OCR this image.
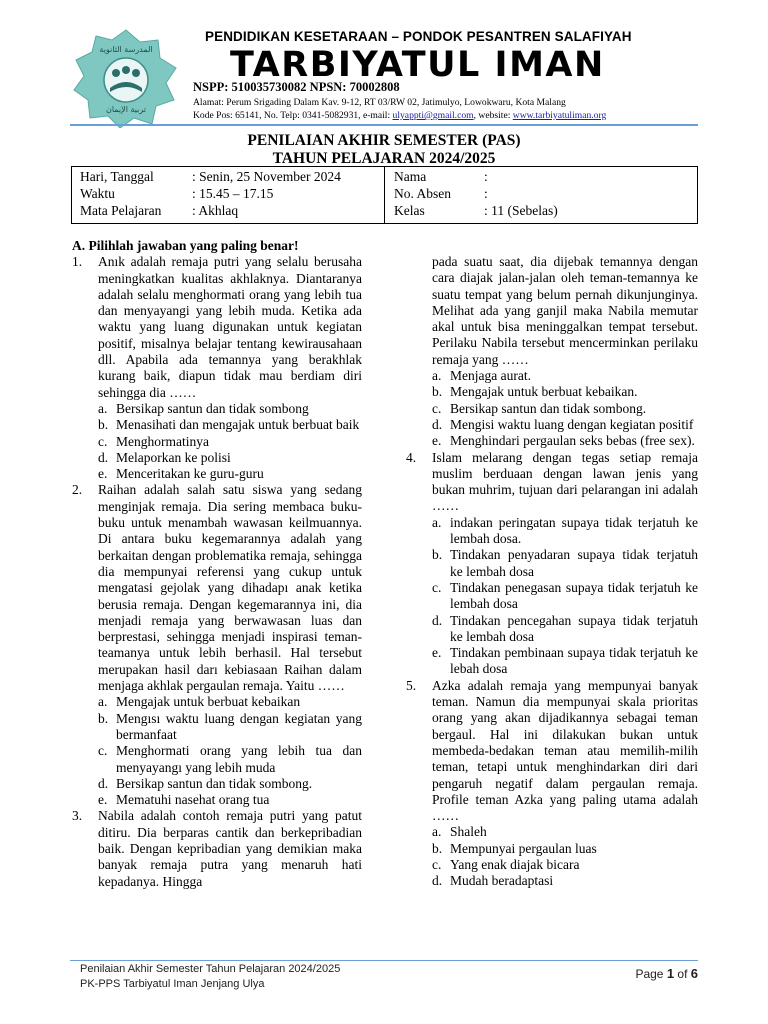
المدرسة الثانوية
تربية الإيمان
PENDIDIKAN KESETARAAN – PONDOK PESANTREN SALAFIYAH
TARBIYATUL IMAN
NSPP: 510035730082 NPSN: 70002808
Alamat: Perum Srigading Dalam Kav. 9-12, RT 03/RW 02, Jatimulyo, Lowokwaru, Kota Malang
Kode Pos: 65141, No. Telp: 0341-5082931, e-mail: ulyappti@gmail.com, website: www.tarbiyatuliman.org
PENILAIAN AKHIR SEMESTER (PAS)
TAHUN PELAJARAN 2024/2025
Hari, Tanggal	: Senin, 25 November 2024
Waktu	: 15.45 – 17.15
Mata Pelajaran : Akhlaq
Nama	:
No. Absen :
Kelas	: 11 (Sebelas)
A. Pilihlah jawaban yang paling benar!
1. Anık adalah remaja putri yang selalu berusaha meningkatkan kualitas akhlaknya. Diantaranya adalah selalu menghormati orang yang lebih tua dan menyayangi yang lebih muda. Ketika ada waktu yang luang digunakan untuk kegiatan positif, misalnya belajar tentang kewirausahaan dll. Apabila ada temannya yang berakhlak kurang baik, diapun tidak mau berdiam diri sehingga dia ……
a. Bersikap santun dan tidak sombong
b. Menasihati dan mengajak untuk berbuat baik
c. Menghormatinya
d. Melaporkan ke polisi
e. Menceritakan ke guru-guru
2. Raihan adalah salah satu siswa yang sedang menginjak remaja. Dia sering membaca buku-buku untuk menambah wawasan keilmuannya. Di antara buku kegemarannya adalah yang berkaitan dengan problematika remaja, sehingga dia mempunyai referensi yang cukup untuk mengatasi gejolak yang dihadapı anak ketika berusia remaja. Dengan kegemarannya ini, dia menjadi remaja yang berwawasan luas dan berprestasi, sehingga menjadi inspirasi teman-teamanya untuk lebih berhasil. Hal tersebut merupakan hasil darı kebiasaan Raihan dalam menjaga akhlak pergaulan remaja. Yaitu ……
a. Mengajak untuk berbuat kebaikan
b. Mengısı waktu luang dengan kegiatan yang bermanfaat
c. Menghormati orang yang lebih tua dan menyayangı yang lebih muda
d. Bersikap santun dan tidak sombong.
e. Mematuhi nasehat orang tua
3. Nabila adalah contoh remaja putri yang patut ditiru. Dia berparas cantik dan berkepribadian baik. Dengan kepribadian yang demikian maka banyak remaja putra yang menaruh hati kepadanya. Hingga
pada suatu saat, dia dijebak temannya dengan cara diajak jalan-jalan oleh teman-temannya ke suatu tempat yang belum pernah dikunjunginya. Melihat ada yang ganjil maka Nabila memutar akal untuk bisa meninggalkan tempat tersebut. Perilaku Nabila tersebut mencerminkan perilaku remaja yang ……
a. Menjaga aurat.
b. Mengajak untuk berbuat kebaikan.
c. Bersikap santun dan tidak sombong.
d. Mengisi waktu luang dengan kegiatan positif
e. Menghindari pergaulan seks bebas (free sex).
4. Islam melarang dengan tegas setiap remaja muslim berduaan dengan lawan jenis yang bukan muhrim, tujuan dari pelarangan ini adalah ……
a. indakan peringatan supaya tidak terjatuh ke lembah dosa.
b. Tindakan penyadaran supaya tidak terjatuh ke lembah dosa
c. Tindakan penegasan supaya tidak terjatuh ke lembah dosa
d. Tindakan pencegahan supaya tidak terjatuh ke lembah dosa
e. Tindakan pembinaan supaya tidak terjatuh ke lebah dosa
5. Azka adalah remaja yang mempunyai banyak teman. Namun dia mempunyai skala prioritas orang yang akan dijadikannya sebagai teman bergaul. Hal ini dilakukan bukan untuk membeda-bedakan teman atau memilih-milih teman, tetapi untuk menghindarkan diri dari pengaruh negatif dalam pergaulan remaja. Profile teman Azka yang paling utama adalah ……
a. Shaleh
b. Mempunyai pergaulan luas
c. Yang enak diajak bicara
d. Mudah beradaptasi
Penilaian Akhir Semester Tahun Pelajaran 2024/2025
PK-PPS Tarbiyatul Iman Jenjang Ulya
Page 1 of 6
